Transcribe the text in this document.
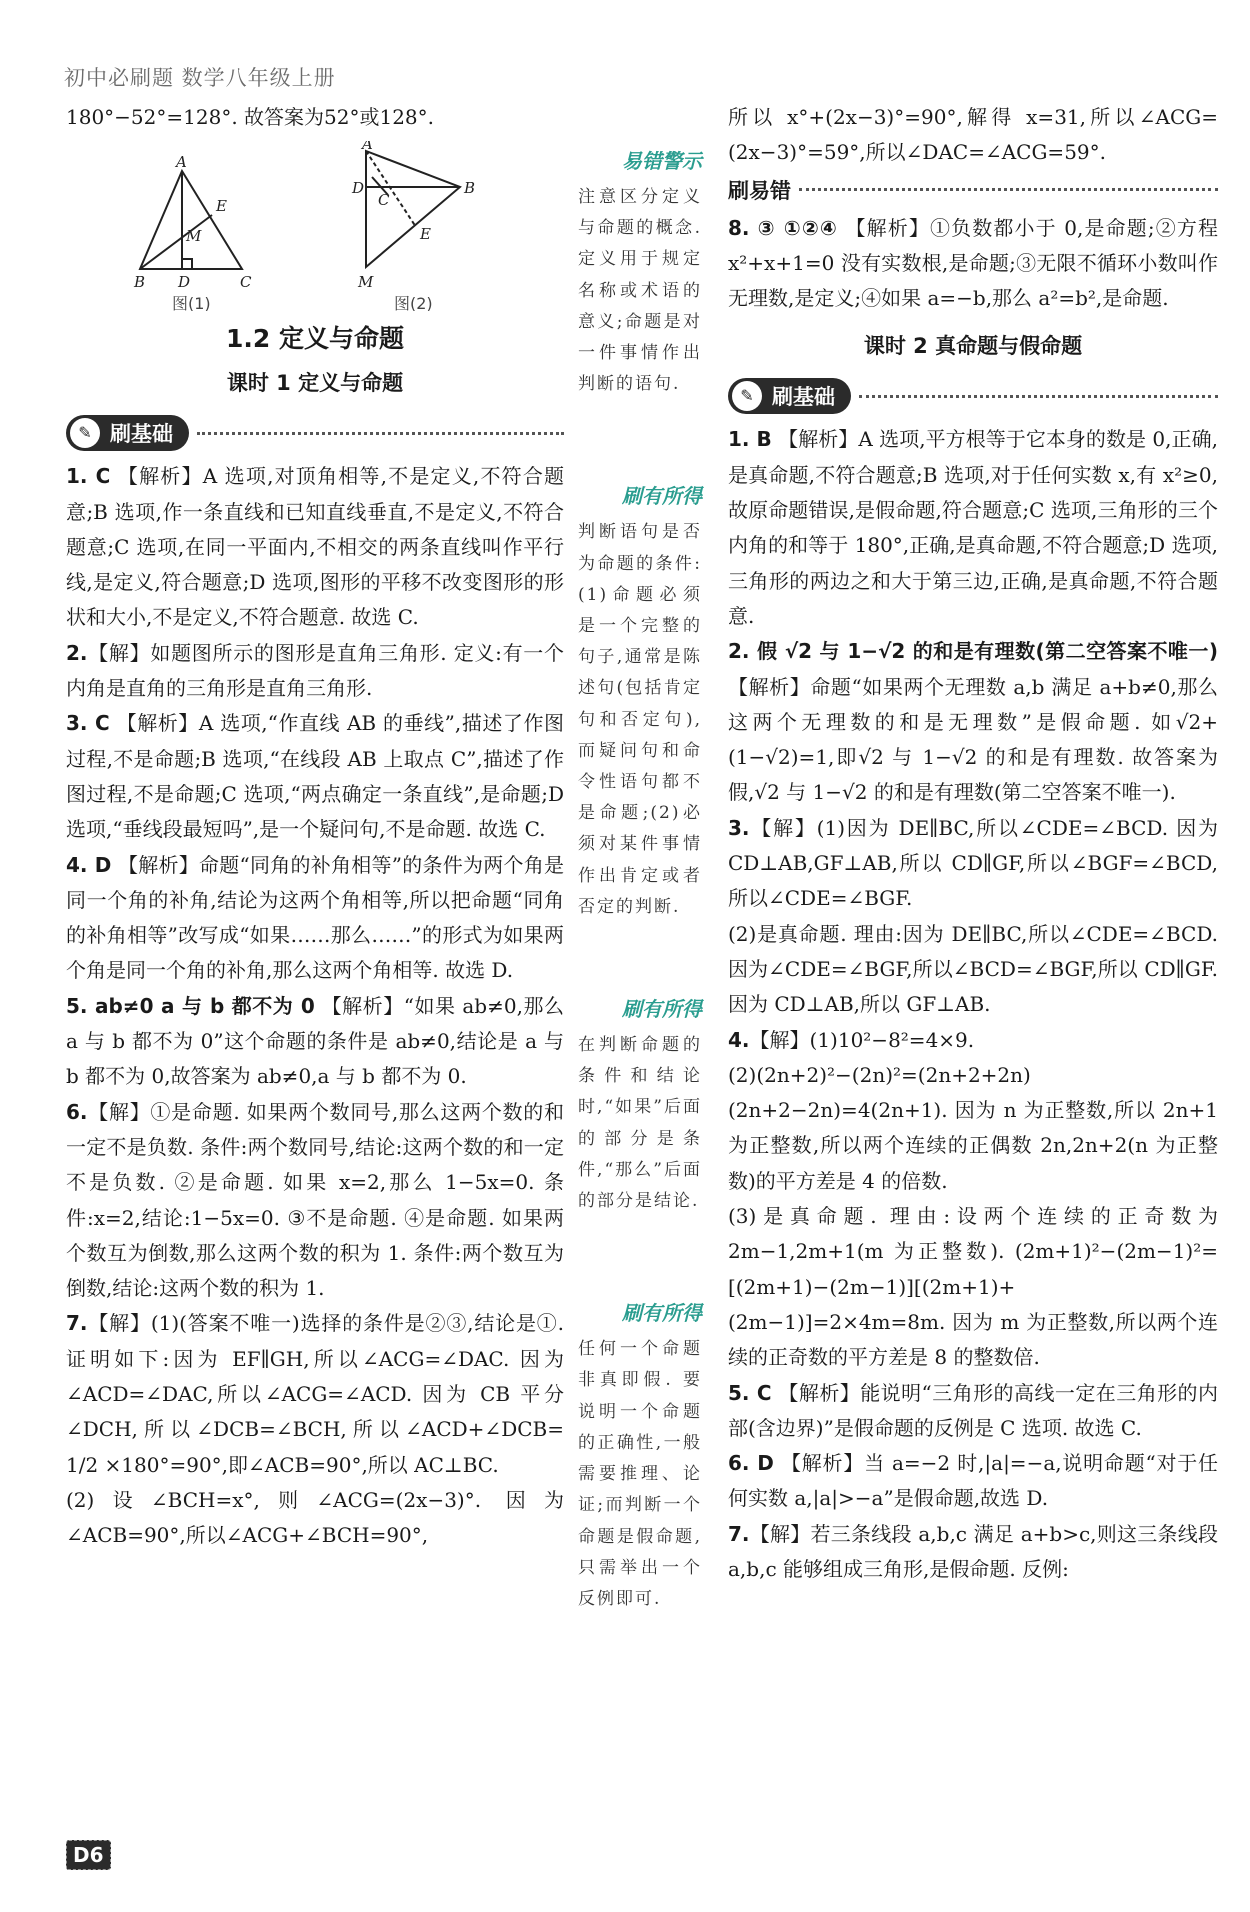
初中必刷题 数学八年级上册

180°−52°=128°. 故答案为52°或128°.

A
E
M
B D	C
A
B
D
C
E
M
图(1)	图(2)
1.2 定义与命题
课时 1 定义与命题
✎ 刷基础

1. C 【解析】A 选项,对顶角相等,不是定义,不符合题意;B 选项,作一条直线和已知直线垂直,不是定义,不符合题意;C 选项,在同一平面内,不相交的两条直线叫作平行线,是定义,符合题意;D 选项,图形的平移不改变图形的形状和大小,不是定义,不符合题意. 故选 C.

2.【解】如题图所示的图形是直角三角形. 定义:有一个内角是直角的三角形是直角三角形.

3. C 【解析】A 选项,“作直线 AB 的垂线”,描述了作图过程,不是命题;B 选项,“在线段 AB 上取点 C”,描述了作图过程,不是命题;C 选项,“两点确定一条直线”,是命题;D 选项,“垂线段最短吗”,是一个疑问句,不是命题. 故选 C.

4. D 【解析】命题“同角的补角相等”的条件为两个角是同一个角的补角,结论为这两个角相等,所以把命题“同角的补角相等”改写成“如果……那么……”的形式为如果两个角是同一个角的补角,那么这两个角相等. 故选 D.

5. ab≠0 a 与 b 都不为 0 【解析】“如果 ab≠0,那么 a 与 b 都不为 0”这个命题的条件是 ab≠0,结论是 a 与 b 都不为 0,故答案为 ab≠0,a 与 b 都不为 0.

6.【解】①是命题. 如果两个数同号,那么这两个数的和一定不是负数. 条件:两个数同号,结论:这两个数的和一定不是负数. ②是命题. 如果 x=2,那么 1−5x=0. 条件:x=2,结论:1−5x=0. ③不是命题. ④是命题. 如果两个数互为倒数,那么这两个数的积为 1. 条件:两个数互为倒数,结论:这两个数的积为 1.

7.【解】(1)(答案不唯一)选择的条件是②③,结论是①. 证明如下:因为 EF∥GH,所以∠ACG=∠DAC. 因为∠ACD=∠DAC,所以∠ACG=∠ACD. 因为 CB 平分∠DCH,所以∠DCB=∠BCH,所以∠ACD+∠DCB= 1/2 ×180°=90°,即∠ACB=90°,所以 AC⊥BC.

(2)设∠BCH=x°,则∠ACG=(2x−3)°. 因为∠ACB=90°,所以∠ACG+∠BCH=90°,

易错警示
注意区分定义与命题的概念. 定义用于规定名称或术语的意义;命题是对一件事情作出判断的语句.
刷有所得
判断语句是否为命题的条件:(1)命题必须是一个完整的句子,通常是陈述句(包括肯定句和否定句),而疑问句和命令性语句都不是命题;(2)必须对某件事情作出肯定或者否定的判断.
刷有所得
在判断命题的条件和结论时,“如果”后面的部分是条件,“那么”后面的部分是结论.
刷有所得
任何一个命题非真即假. 要说明一个命题的正确性,一般需要推理、论证;而判断一个命题是假命题,只需举出一个反例即可.

所以 x°+(2x−3)°=90°,解得 x=31,所以∠ACG=(2x−3)°=59°,所以∠DAC=∠ACG=59°.

刷易错

8. ③ ①②④ 【解析】①负数都小于 0,是命题;②方程 x²+x+1=0 没有实数根,是命题;③无限不循环小数叫作无理数,是定义;④如果 a=−b,那么 a²=b²,是命题.

课时 2 真命题与假命题
✎ 刷基础

1. B 【解析】A 选项,平方根等于它本身的数是 0,正确,是真命题,不符合题意;B 选项,对于任何实数 x,有 x²≥0,故原命题错误,是假命题,符合题意;C 选项,三角形的三个内角的和等于 180°,正确,是真命题,不符合题意;D 选项,三角形的两边之和大于第三边,正确,是真命题,不符合题意.

2. 假 √2 与 1−√2 的和是有理数(第二空答案不唯一) 【解析】命题“如果两个无理数 a,b 满足 a+b≠0,那么这两个无理数的和是无理数”是假命题. 如√2+(1−√2)=1,即√2 与 1−√2 的和是有理数. 故答案为假,√2 与 1−√2 的和是有理数(第二空答案不唯一).

3.【解】(1)因为 DE∥BC,所以∠CDE=∠BCD. 因为 CD⊥AB,GF⊥AB,所以 CD∥GF,所以∠BGF=∠BCD,所以∠CDE=∠BGF.

(2)是真命题. 理由:因为 DE∥BC,所以∠CDE=∠BCD. 因为∠CDE=∠BGF,所以∠BCD=∠BGF,所以 CD∥GF. 因为 CD⊥AB,所以 GF⊥AB.

4.【解】(1)10²−8²=4×9.

(2)(2n+2)²−(2n)²=(2n+2+2n)(2n+2−2n)=4(2n+1). 因为 n 为正整数,所以 2n+1 为正整数,所以两个连续的正偶数 2n,2n+2(n 为正整数)的平方差是 4 的倍数.

(3)是真命题. 理由:设两个连续的正奇数为 2m−1,2m+1(m 为正整数). (2m+1)²−(2m−1)²=[(2m+1)−(2m−1)][(2m+1)+(2m−1)]=2×4m=8m. 因为 m 为正整数,所以两个连续的正奇数的平方差是 8 的整数倍.

5. C 【解析】能说明“三角形的高线一定在三角形的内部(含边界)”是假命题的反例是 C 选项. 故选 C.

6. D 【解析】当 a=−2 时,|a|=−a,说明命题“对于任何实数 a,|a|>−a”是假命题,故选 D.

7.【解】若三条线段 a,b,c 满足 a+b>c,则这三条线段 a,b,c 能够组成三角形,是假命题. 反例:

D6
